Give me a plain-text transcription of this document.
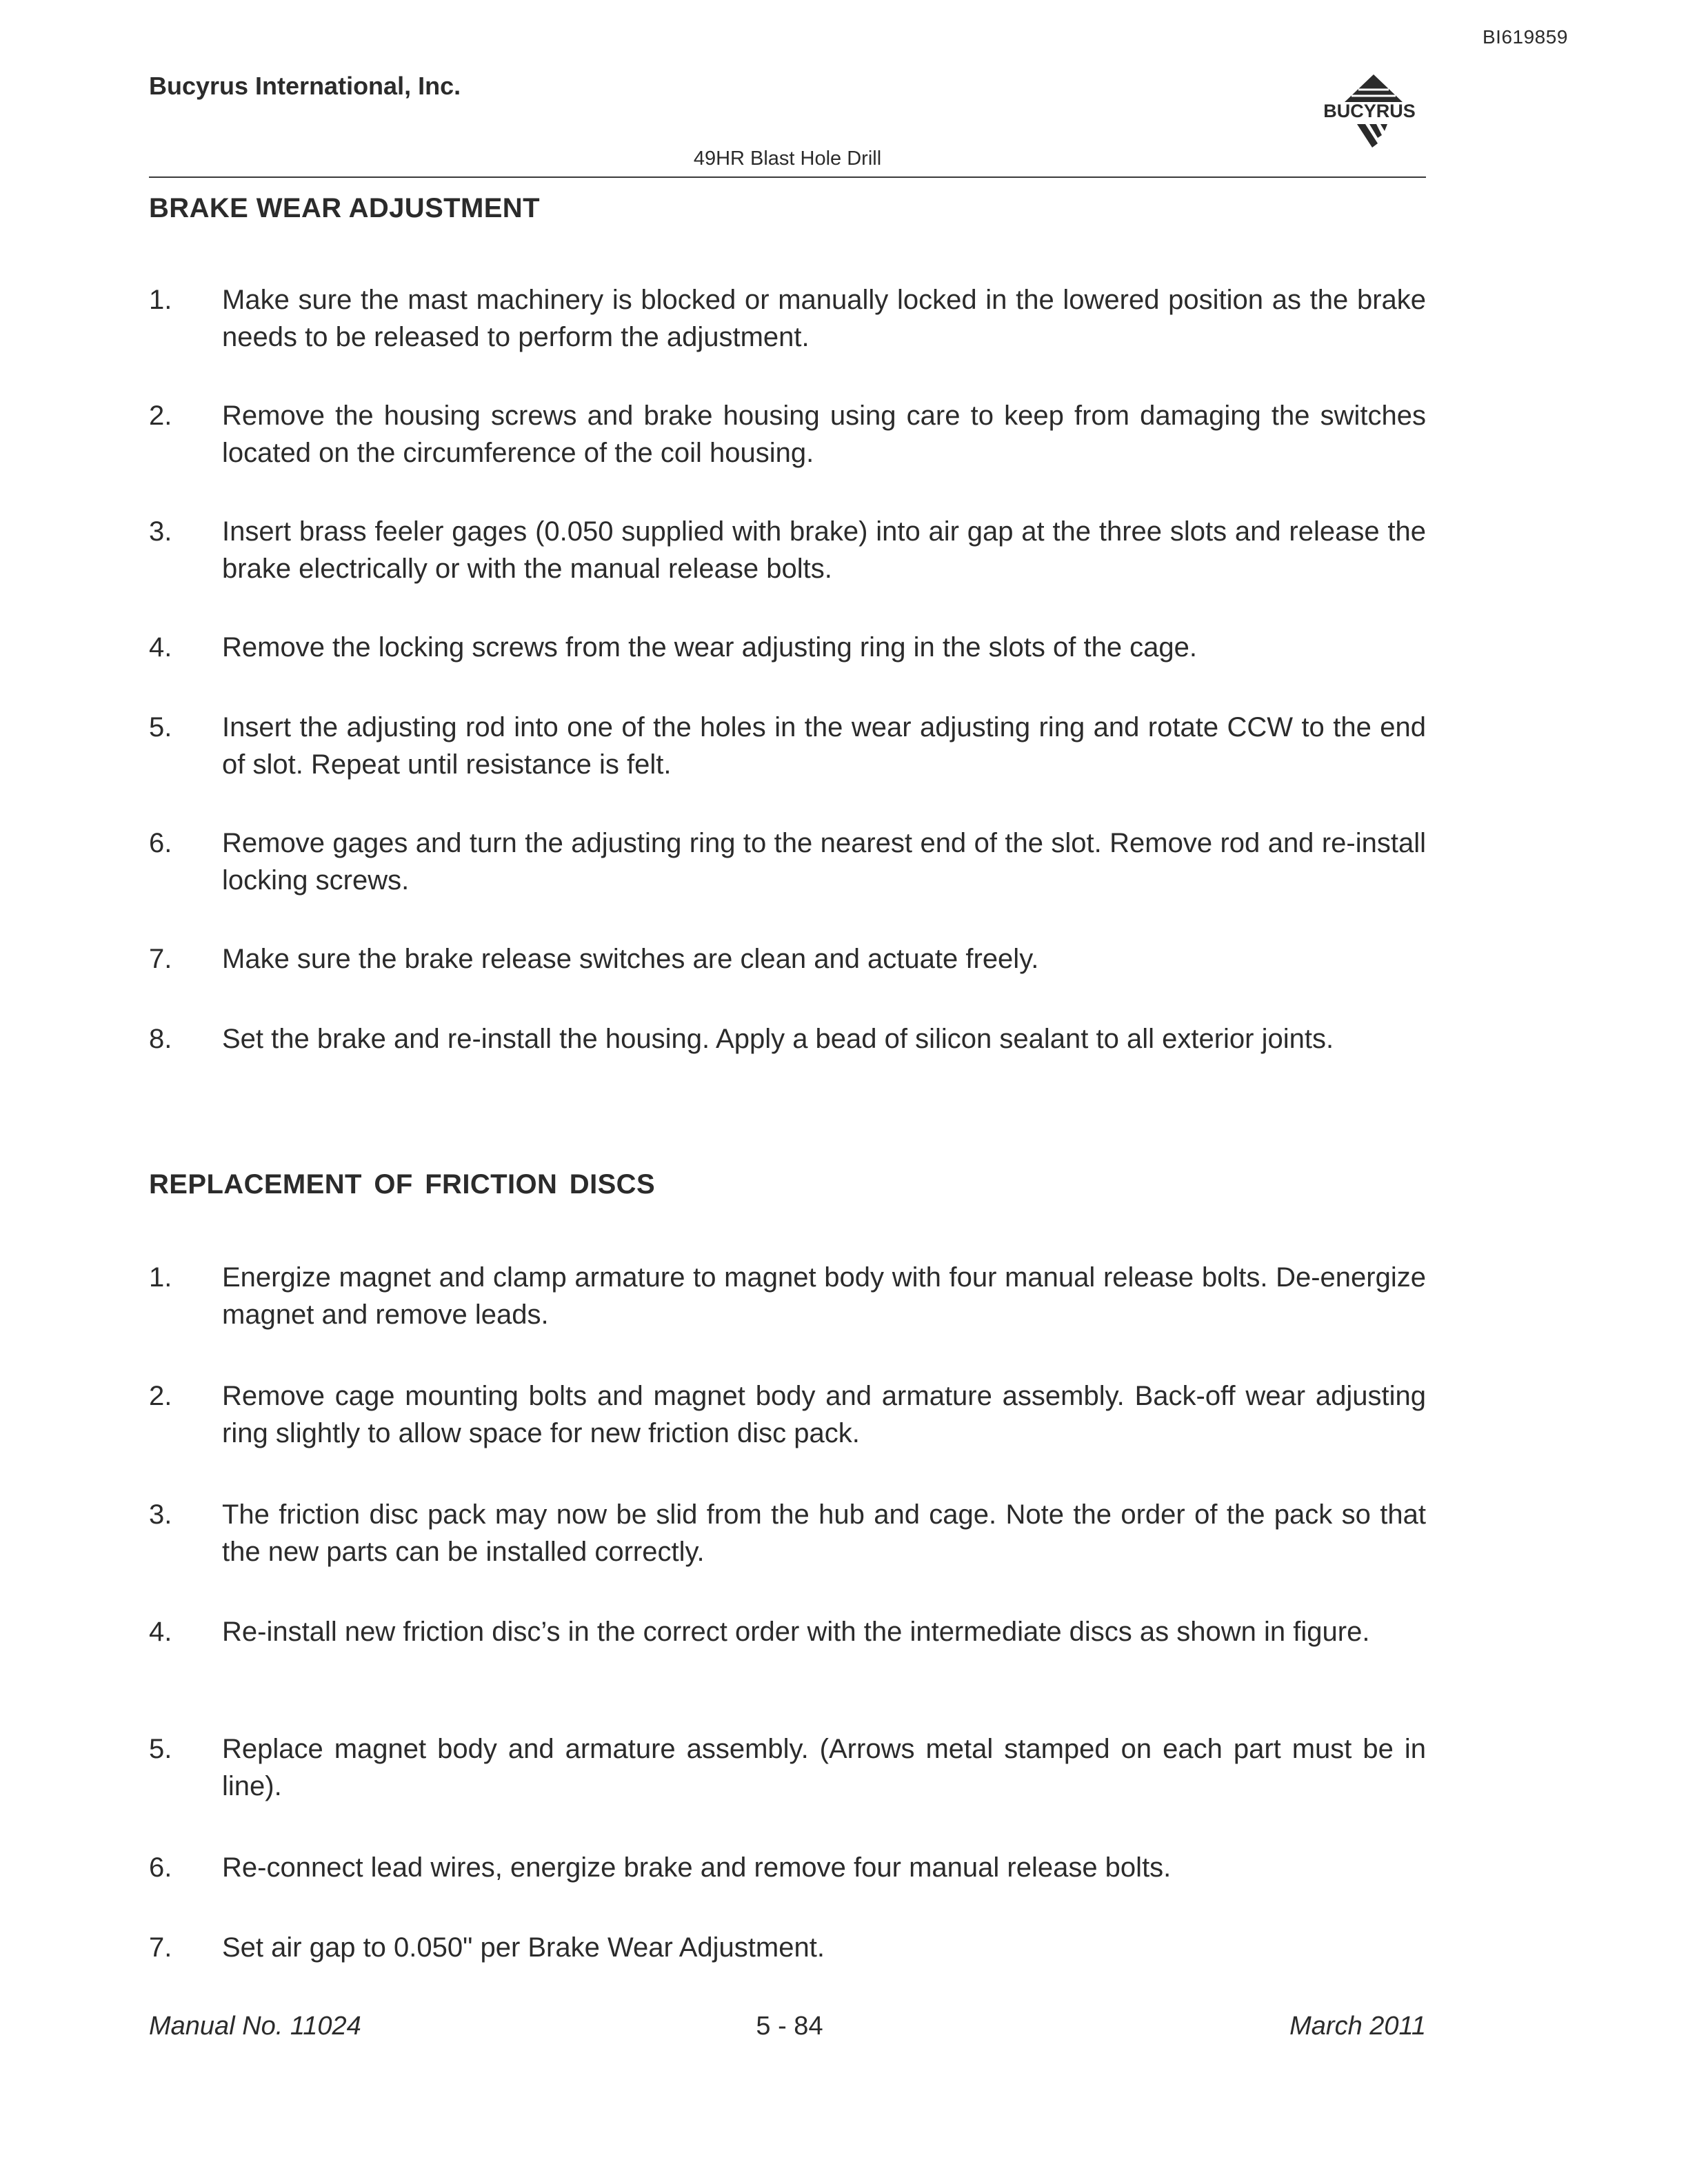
BI619859
Bucyrus International, Inc.
BUCYRUS
49HR Blast Hole Drill
BRAKE WEAR ADJUSTMENT
1.	Make sure the mast machinery is blocked or manually locked in the lowered position as the brake needs to be released to perform the adjustment.
2.	Remove the housing screws and brake housing using care to keep from damaging the switches located on the circumference of the coil housing.
3.	Insert brass feeler gages (0.050 supplied with brake) into air gap at the three slots and release the brake electrically or with the manual release bolts.
4.	Remove the locking screws from the wear adjusting ring in the slots of the cage.
5.	Insert the adjusting rod into one of the holes in the wear adjusting ring and rotate CCW to the end of slot. Repeat until resistance is felt.
6.	Remove gages and turn the adjusting ring to the nearest end of the slot. Remove rod and re-install locking screws.
7.	Make sure the brake release switches are clean and actuate freely.
8.	Set the brake and re-install the housing. Apply a bead of silicon sealant to all exterior joints.
REPLACEMENT OF FRICTION DISCS
1.	Energize magnet and clamp armature to magnet body with four manual release bolts. De-energize magnet and remove leads.
2.	Remove cage mounting bolts and magnet body and armature assembly. Back-off wear adjusting ring slightly to allow space for new friction disc pack.
3.	The friction disc pack may now be slid from the hub and cage. Note the order of the pack so that the new parts can be installed correctly.
4.	Re-install new friction disc’s in the correct order with the intermediate discs as shown in figure.
5.	Replace magnet body and armature assembly. (Arrows metal stamped on each part must be in line).
6.	Re-connect lead wires, energize brake and remove four manual release bolts.
7.	Set air gap to 0.050" per Brake Wear Adjustment.
Manual No. 11024	5 - 84	March 2011
